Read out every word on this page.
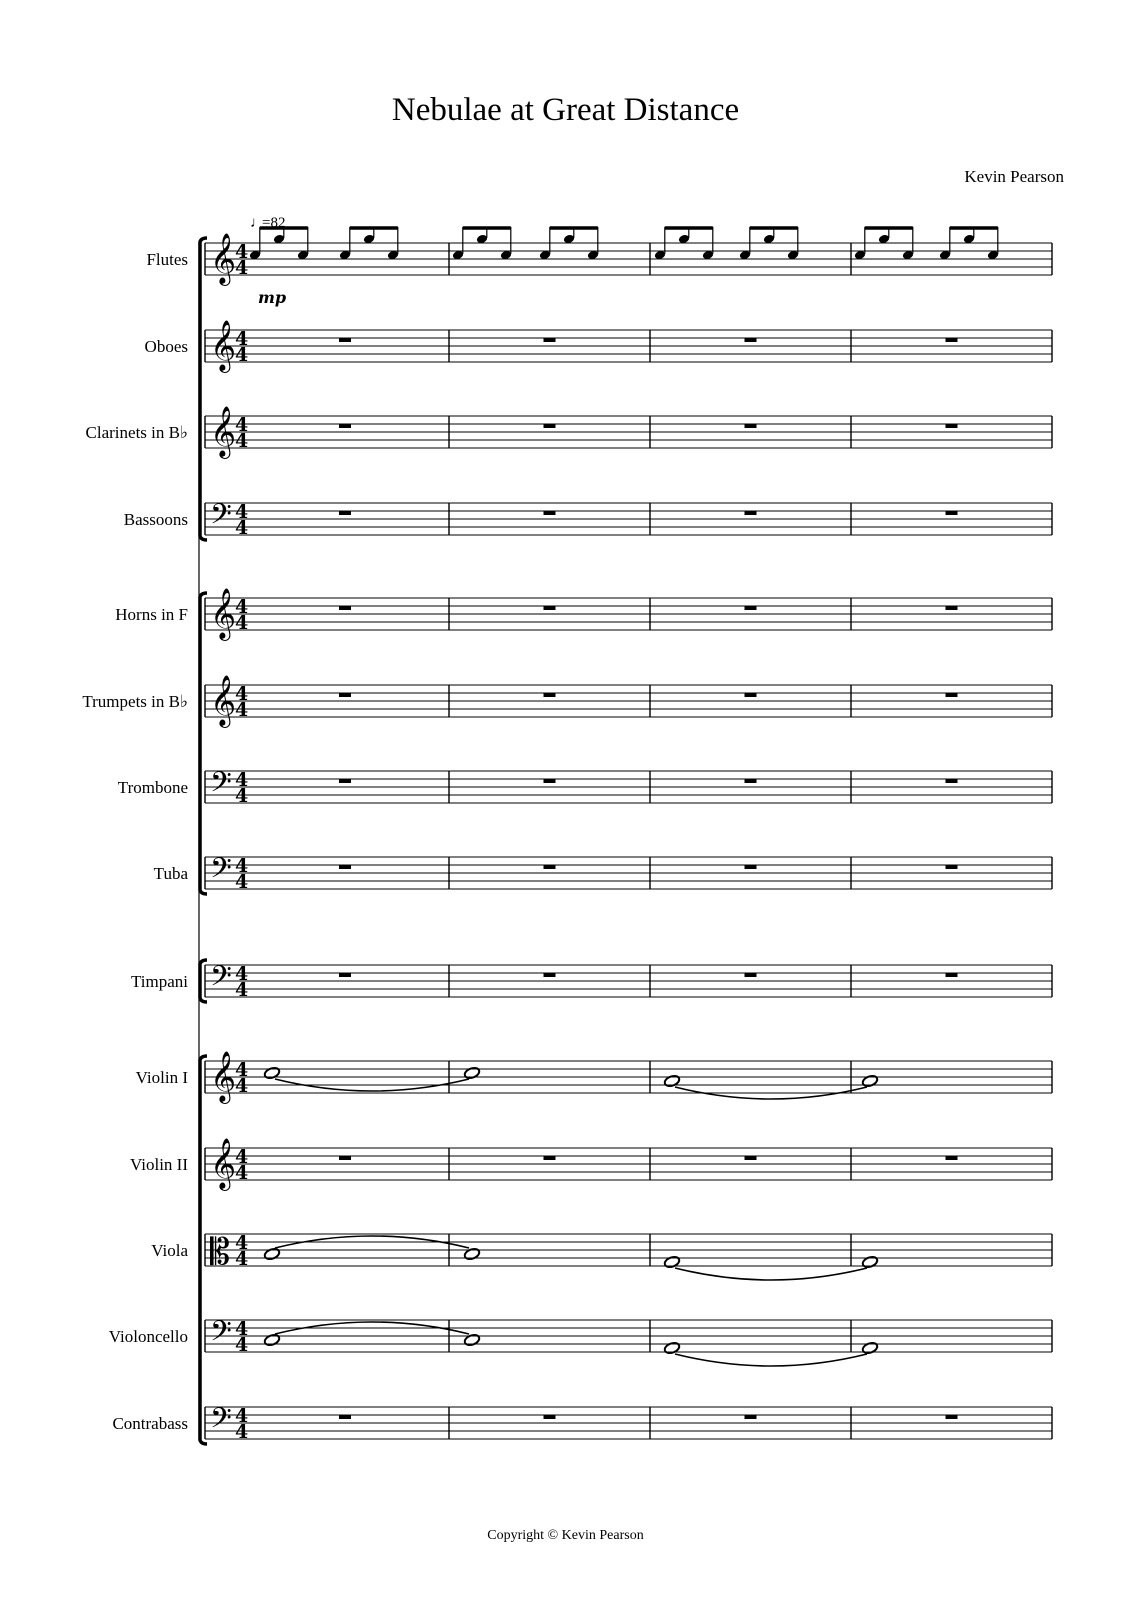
Nebulae at Great Distance
Kevin Pearson
Flutes 𝄞
4
4
mp
♩
=82
Oboes 𝄞
4
4
Clarinets in B♭ 𝄞
4
4
Bassoons 𝄢 4
4
Horns in F 𝄞
4
4
Trumpets in B♭ 𝄞
4
4
Trombone 𝄢 4
4
Tuba 𝄢 4
4
Timpani 𝄢 4
4
Violin I 𝄞
4
4
Violin II 𝄞
4
4
Viola 𝄡 4
4
Violoncello 𝄢 4
4
Contrabass 𝄢 4
4
Copyright © Kevin Pearson
